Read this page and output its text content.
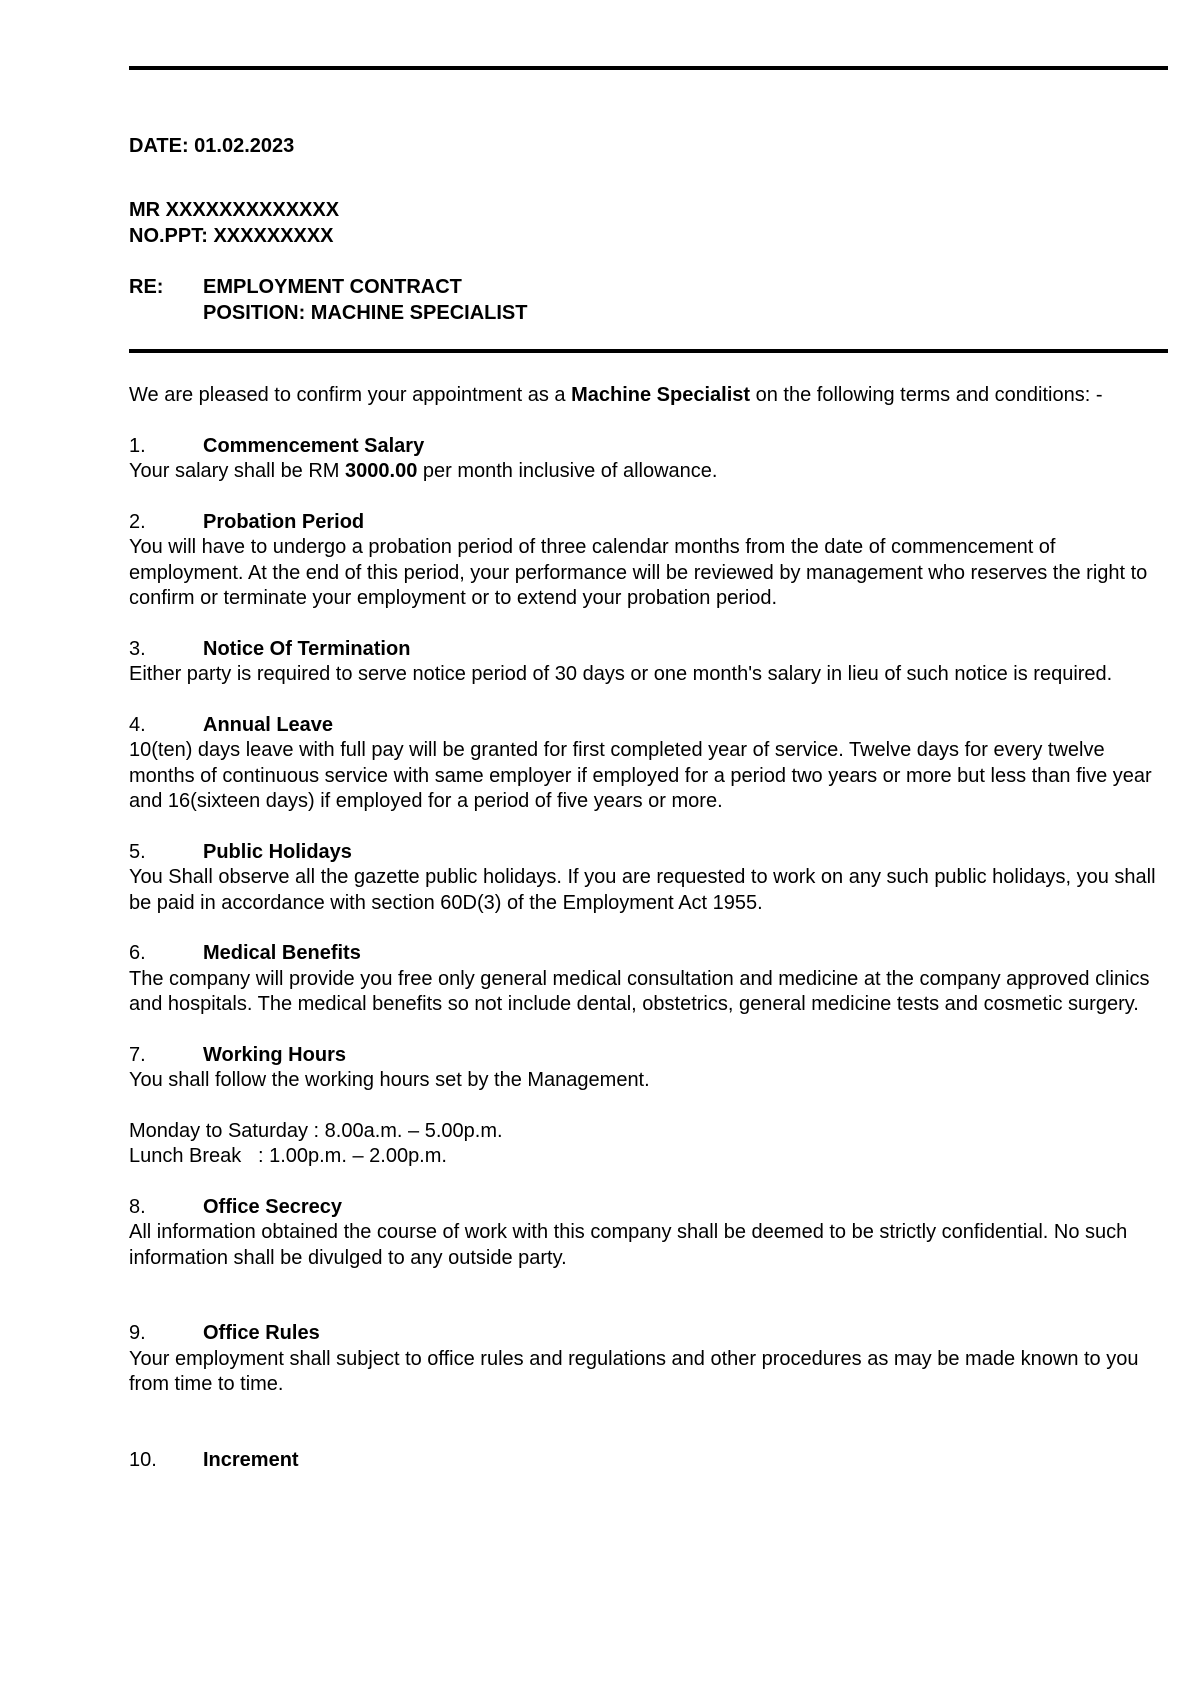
DATE: 01.02.2023
MR XXXXXXXXXXXXX
NO.PPT: XXXXXXXXX
RE:	EMPLOYMENT CONTRACT
POSITION: MACHINE SPECIALIST

We are pleased to confirm your appointment as a Machine Specialist on the following terms and conditions: -

1.	Commencement Salary

Your salary shall be RM 3000.00 per month inclusive of allowance.

2.	Probation Period

You will have to undergo a probation period of three calendar months from the date of commencement of employment. At the end of this period, your performance will be reviewed by management who reserves the right to confirm or terminate your employment or to extend your probation period.

3.	Notice Of Termination

Either party is required to serve notice period of 30 days or one month's salary in lieu of such notice is required.

4.	Annual Leave

10(ten) days leave with full pay will be granted for first completed year of service. Twelve days for every twelve months of continuous service with same employer if employed for a period two years or more but less than five year and 16(sixteen days) if employed for a period of five years or more.

5.	Public Holidays

You Shall observe all the gazette public holidays. If you are requested to work on any such public holidays, you shall be paid in accordance with section 60D(3) of the Employment Act 1955.

6.	Medical Benefits

The company will provide you free only general medical consultation and medicine at the company approved clinics and hospitals. The medical benefits so not include dental, obstetrics, general medicine tests and cosmetic surgery.

7.	Working Hours

You shall follow the working hours set by the Management.

Monday to Saturday : 8.00a.m. – 5.00p.m.

Lunch Break   : 1.00p.m. – 2.00p.m.

8.	Office Secrecy

All information obtained the course of work with this company shall be deemed to be strictly confidential. No such information shall be divulged to any outside party.

9.	Office Rules

Your employment shall subject to office rules and regulations and other procedures as may be made known to you from time to time.

10.	Increment
